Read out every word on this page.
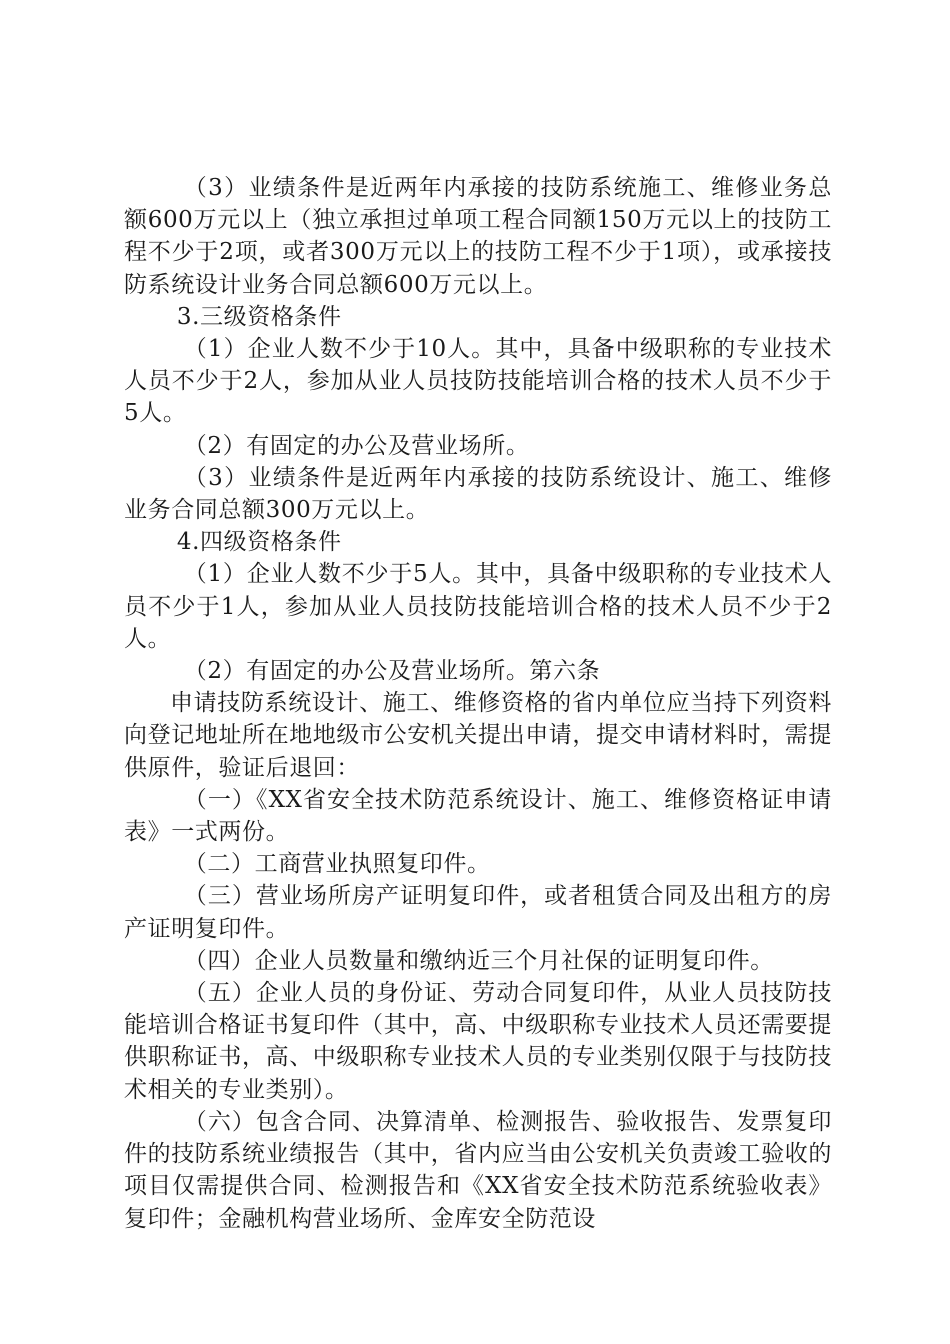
（3）业绩条件是近两年内承接的技防系统施工、维修业务总额600万元以上（独立承担过单项工程合同额150万元以上的技防工程不少于2项，或者300万元以上的技防工程不少于1项），或承接技防系统设计业务合同总额600万元以上。

3.三级资格条件

（1）企业人数不少于10人。其中，具备中级职称的专业技术人员不少于2人，参加从业人员技防技能培训合格的技术人员不少于5人。

（2）有固定的办公及营业场所。

（3）业绩条件是近两年内承接的技防系统设计、施工、维修业务合同总额300万元以上。

4.四级资格条件

（1）企业人数不少于5人。其中，具备中级职称的专业技术人员不少于1人，参加从业人员技防技能培训合格的技术人员不少于2人。

（2）有固定的办公及营业场所。第六条

申请技防系统设计、施工、维修资格的省内单位应当持下列资料向登记地址所在地地级市公安机关提出申请，提交申请材料时，需提供原件，验证后退回：

（一）《XX省安全技术防范系统设计、施工、维修资格证申请表》一式两份。

（二）工商营业执照复印件。

（三）营业场所房产证明复印件，或者租赁合同及出租方的房产证明复印件。

（四）企业人员数量和缴纳近三个月社保的证明复印件。

（五）企业人员的身份证、劳动合同复印件，从业人员技防技能培训合格证书复印件（其中，高、中级职称专业技术人员还需要提供职称证书，高、中级职称专业技术人员的专业类别仅限于与技防技术相关的专业类别）。

（六）包含合同、决算清单、检测报告、验收报告、发票复印件的技防系统业绩报告（其中，省内应当由公安机关负责竣工验收的项目仅需提供合同、检测报告和《XX省安全技术防范系统验收表》复印件；金融机构营业场所、金库安全防范设
